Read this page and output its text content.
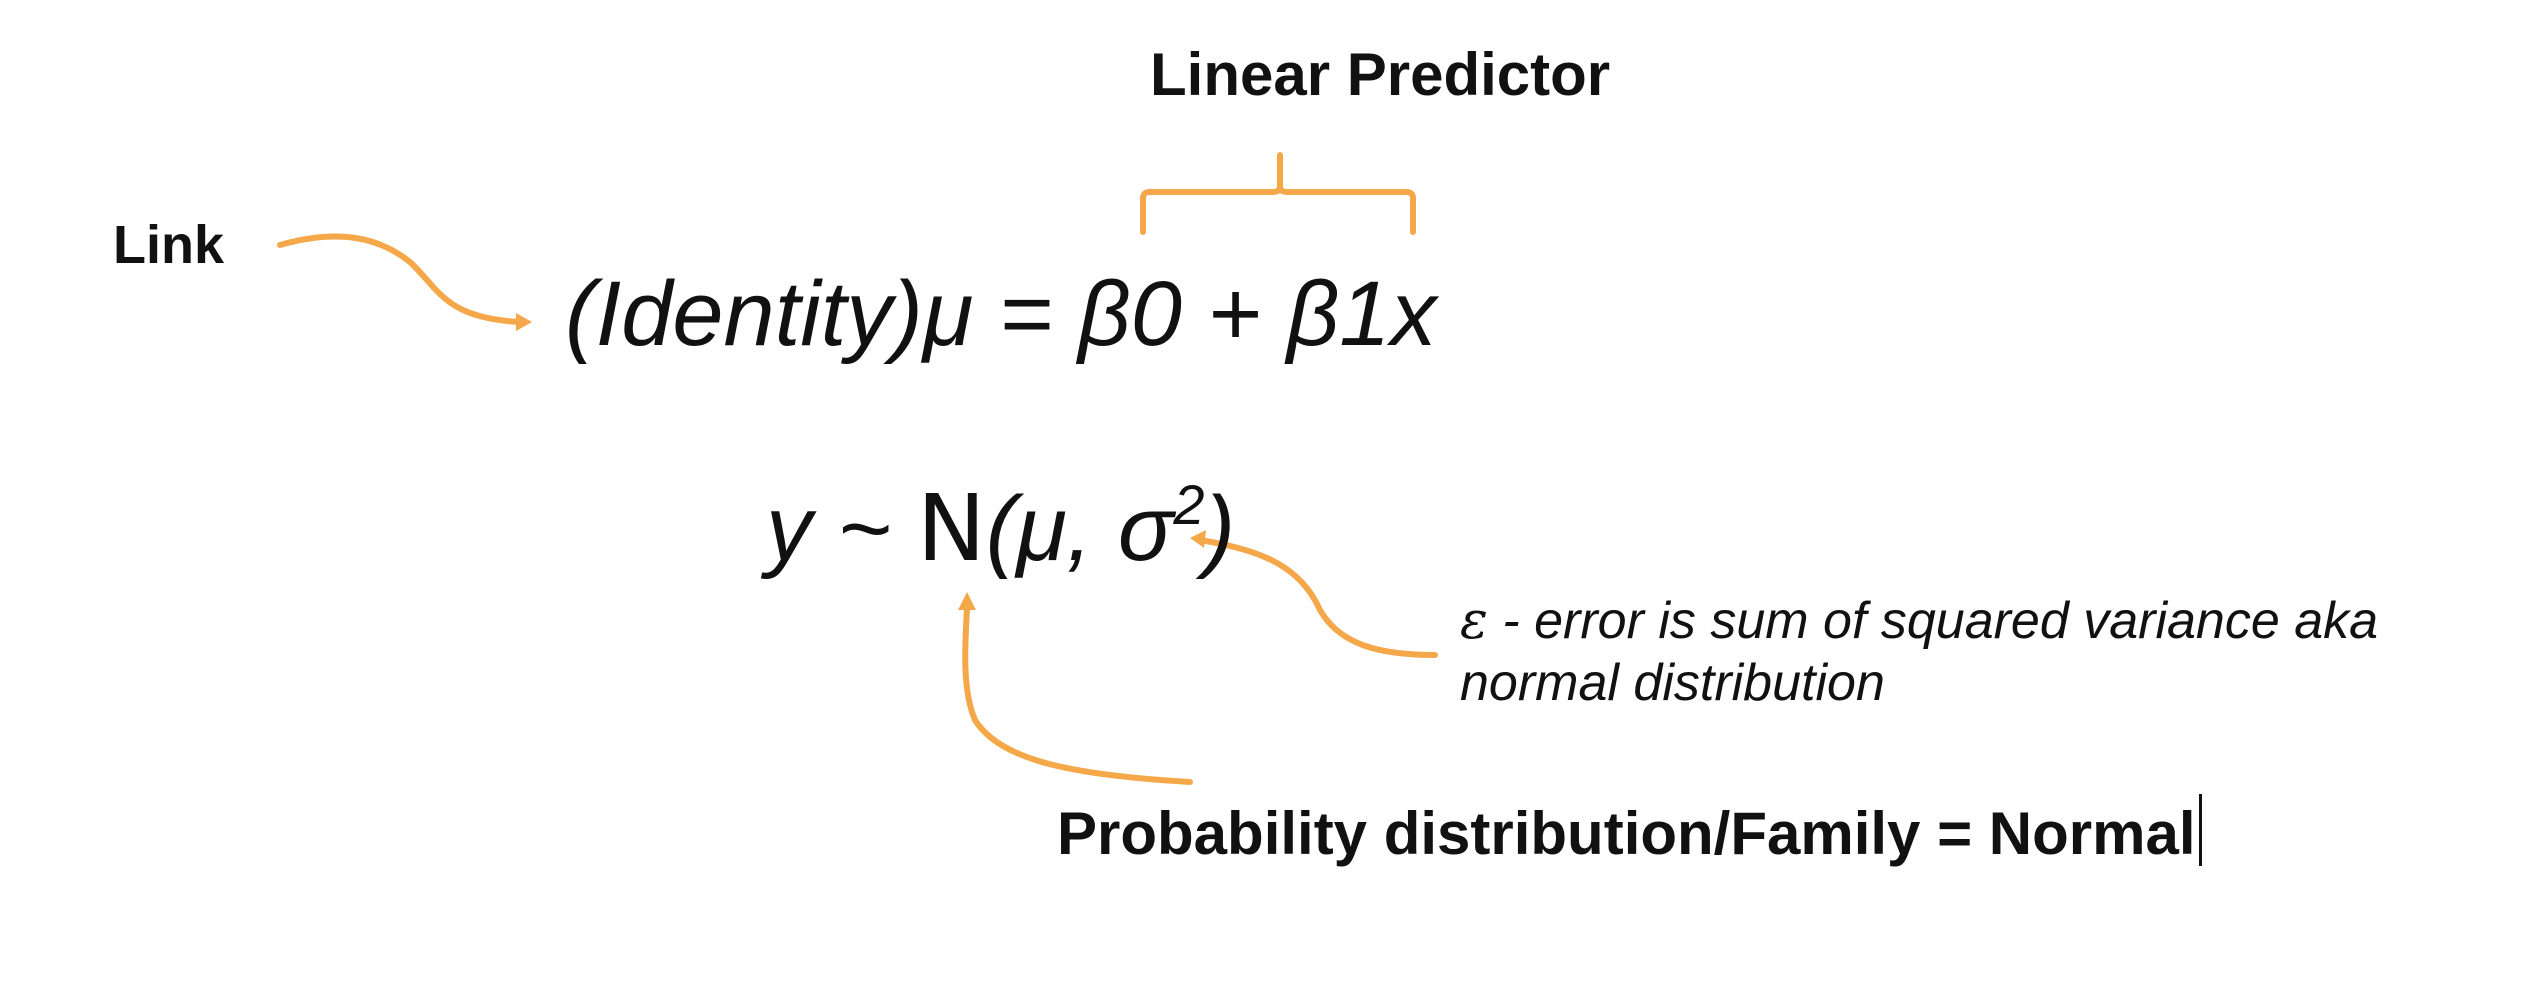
Linear Predictor
Link
(Identity)μ = β0 + β1x
y ~ N(μ, $\sigma^2$)
ε - error is sum of squared variance aka normal distribution
Probability distribution/Family = Normal
